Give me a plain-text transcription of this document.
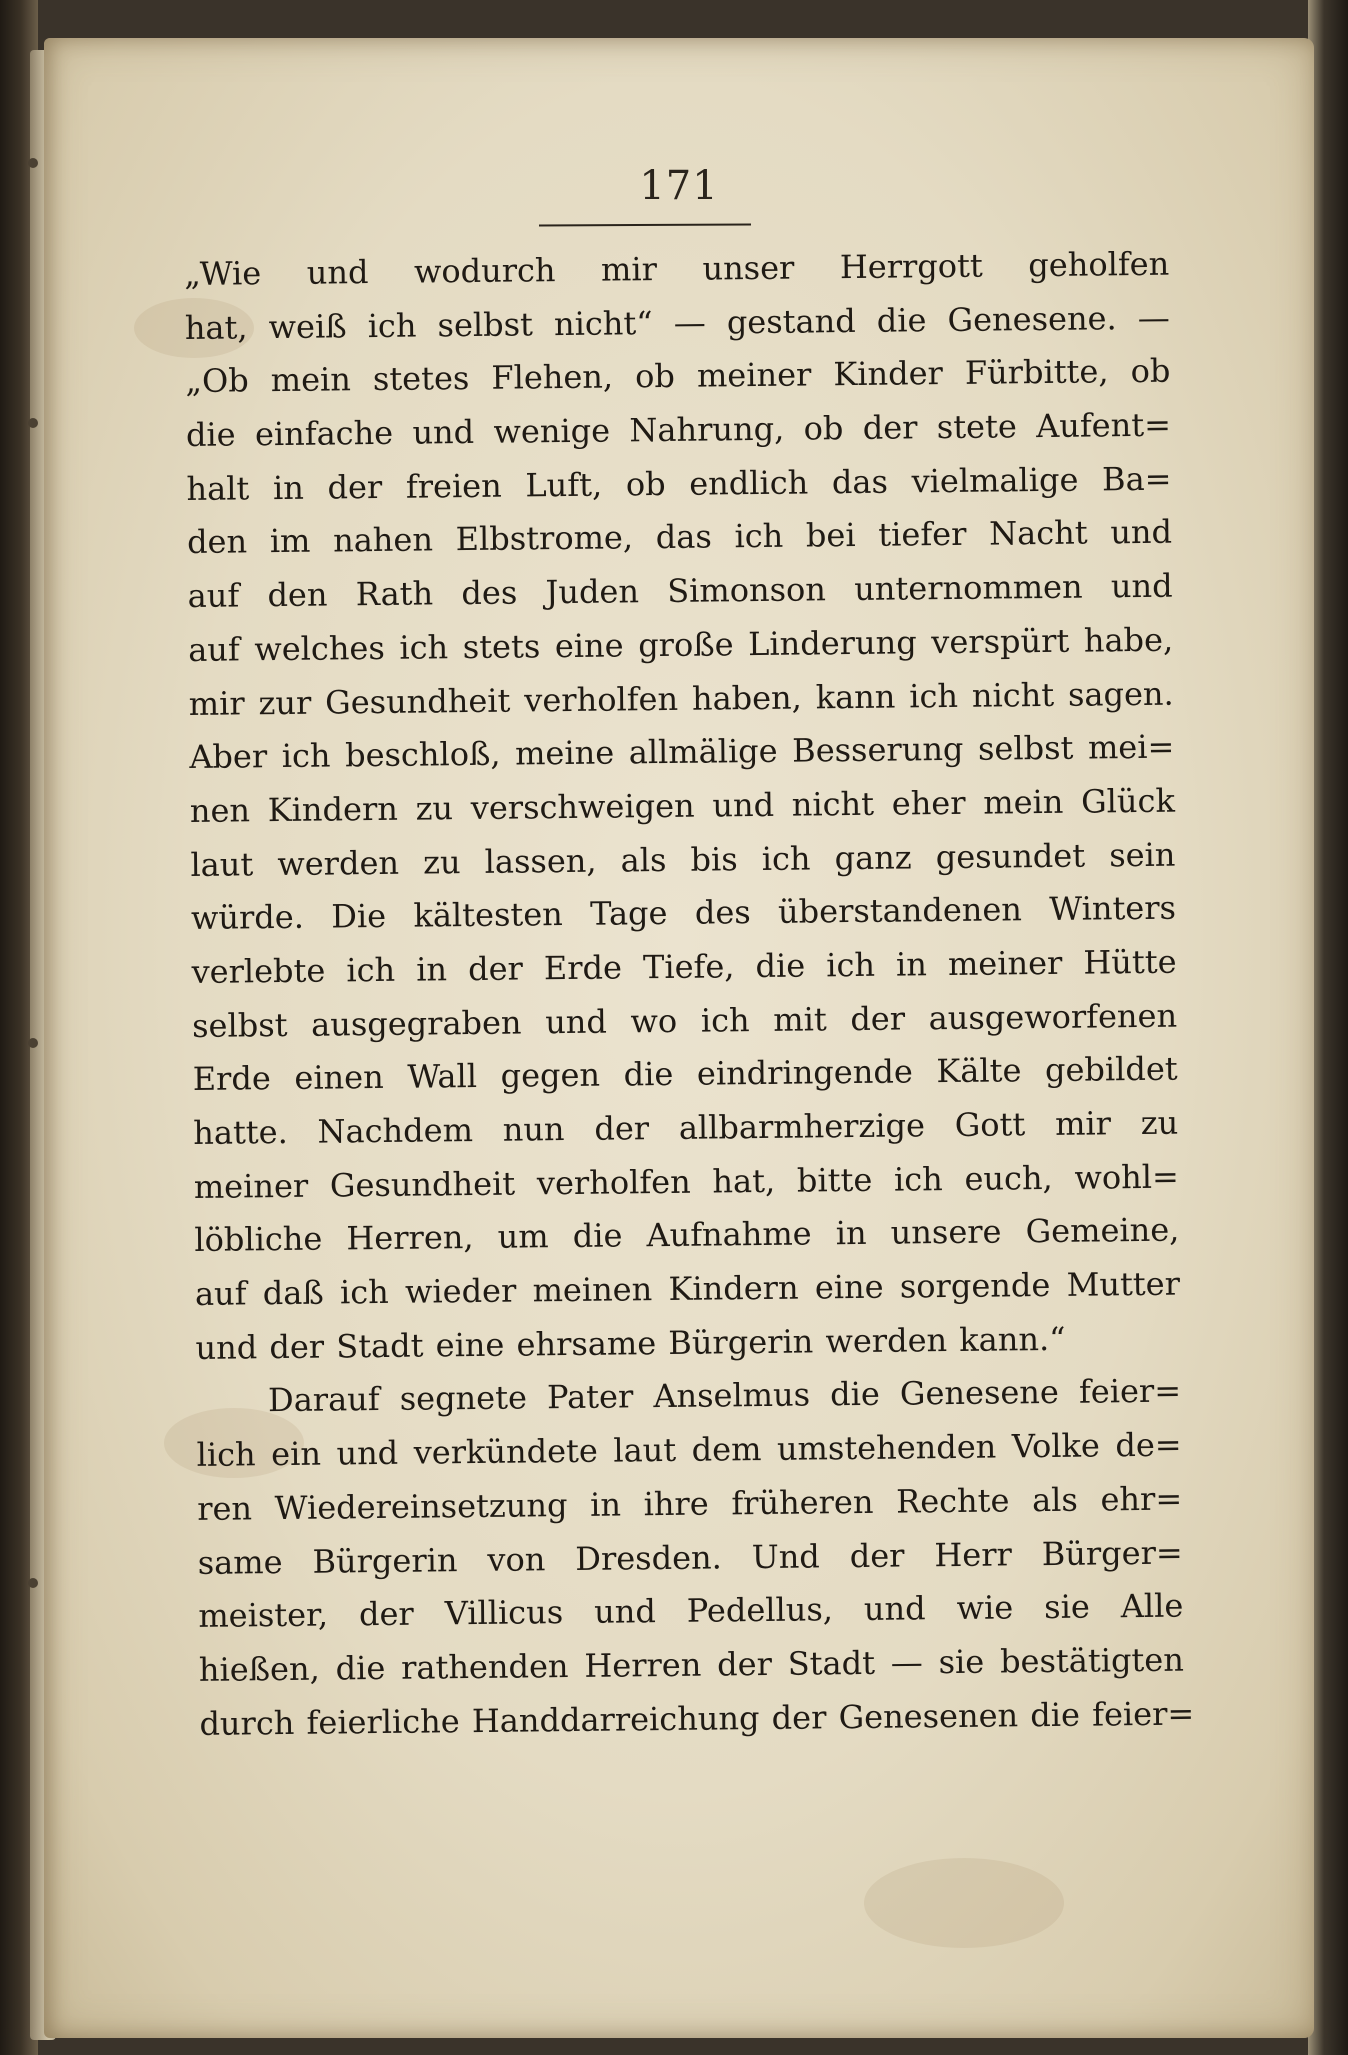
171
„Wie und wodurch mir unser Herrgott geholfen
hat, weiß ich selbst nicht“ — gestand die Genesene. —
„Ob mein stetes Flehen, ob meiner Kinder Fürbitte, ob
die einfache und wenige Nahrung, ob der stete Aufent=
halt in der freien Luft, ob endlich das vielmalige Ba=
den im nahen Elbstrome, das ich bei tiefer Nacht und
auf den Rath des Juden Simonson unternommen und
auf welches ich stets eine große Linderung verspürt habe,
mir zur Gesundheit verholfen haben, kann ich nicht sagen.
Aber ich beschloß, meine allmälige Besserung selbst mei=
nen Kindern zu verschweigen und nicht eher mein Glück
laut werden zu lassen, als bis ich ganz gesundet sein
würde. Die kältesten Tage des überstandenen Winters
verlebte ich in der Erde Tiefe, die ich in meiner Hütte
selbst ausgegraben und wo ich mit der ausgeworfenen
Erde einen Wall gegen die eindringende Kälte gebildet
hatte. Nachdem nun der allbarmherzige Gott mir zu
meiner Gesundheit verholfen hat, bitte ich euch, wohl=
löbliche Herren, um die Aufnahme in unsere Gemeine,
auf daß ich wieder meinen Kindern eine sorgende Mutter
und der Stadt eine ehrsame Bürgerin werden kann.“
Darauf segnete Pater Anselmus die Genesene feier=
lich ein und verkündete laut dem umstehenden Volke de=
ren Wiedereinsetzung in ihre früheren Rechte als ehr=
same Bürgerin von Dresden. Und der Herr Bürger=
meister, der Villicus und Pedellus, und wie sie Alle
hießen, die rathenden Herren der Stadt — sie bestätigten
durch feierliche Handdarreichung der Genesenen die feier=
